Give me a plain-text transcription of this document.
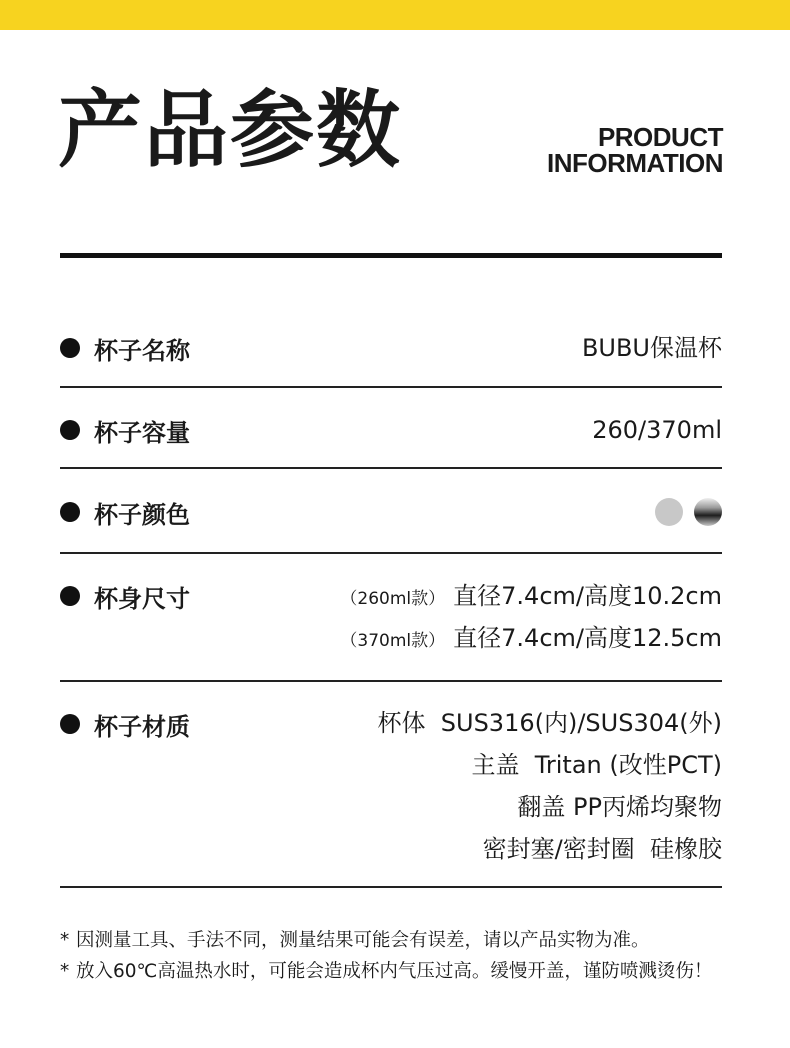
产品参数	PRODUCT
INFORMATION
杯子名称	BUBU保温杯
杯子容量	260/370ml
杯子颜色
杯身尺寸	（260ml款） 直径7.4cm/高度10.2cm
（370ml款） 直径7.4cm/高度12.5cm
杯子材质	杯体  SUS316(内)/SUS304(外)
主盖  Tritan (改性PCT)
翻盖 PP丙烯均聚物
密封塞/密封圈  硅橡胶
* 因测量工具、手法不同，测量结果可能会有误差，请以产品实物为准。
* 放入60℃高温热水时，可能会造成杯内气压过高。缓慢开盖，谨防喷溅烫伤！
